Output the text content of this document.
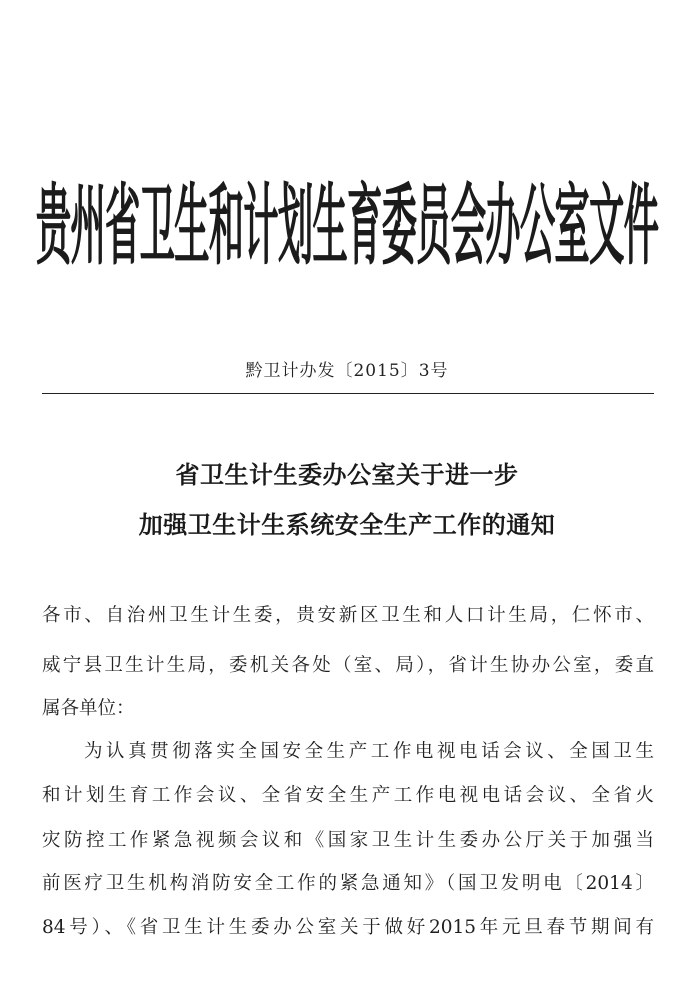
贵州省卫生和计划生育委员会办公室文件
黔卫计办发〔2015〕3号
省卫生计生委办公室关于进一步
加强卫生计生系统安全生产工作的通知
各市、自治州卫生计生委，贵安新区卫生和人口计生局，仁怀市、
威宁县卫生计生局，委机关各处（室、局），省计生协办公室，委直
属各单位：
为认真贯彻落实全国安全生产工作电视电话会议、全国卫生
和计划生育工作会议、全省安全生产工作电视电话会议、全省火
灾防控工作紧急视频会议和《国家卫生计生委办公厅关于加强当
前医疗卫生机构消防安全工作的紧急通知》（国卫发明电〔2014〕
84号）、《省卫生计生委办公室关于做好2015年元旦春节期间有
